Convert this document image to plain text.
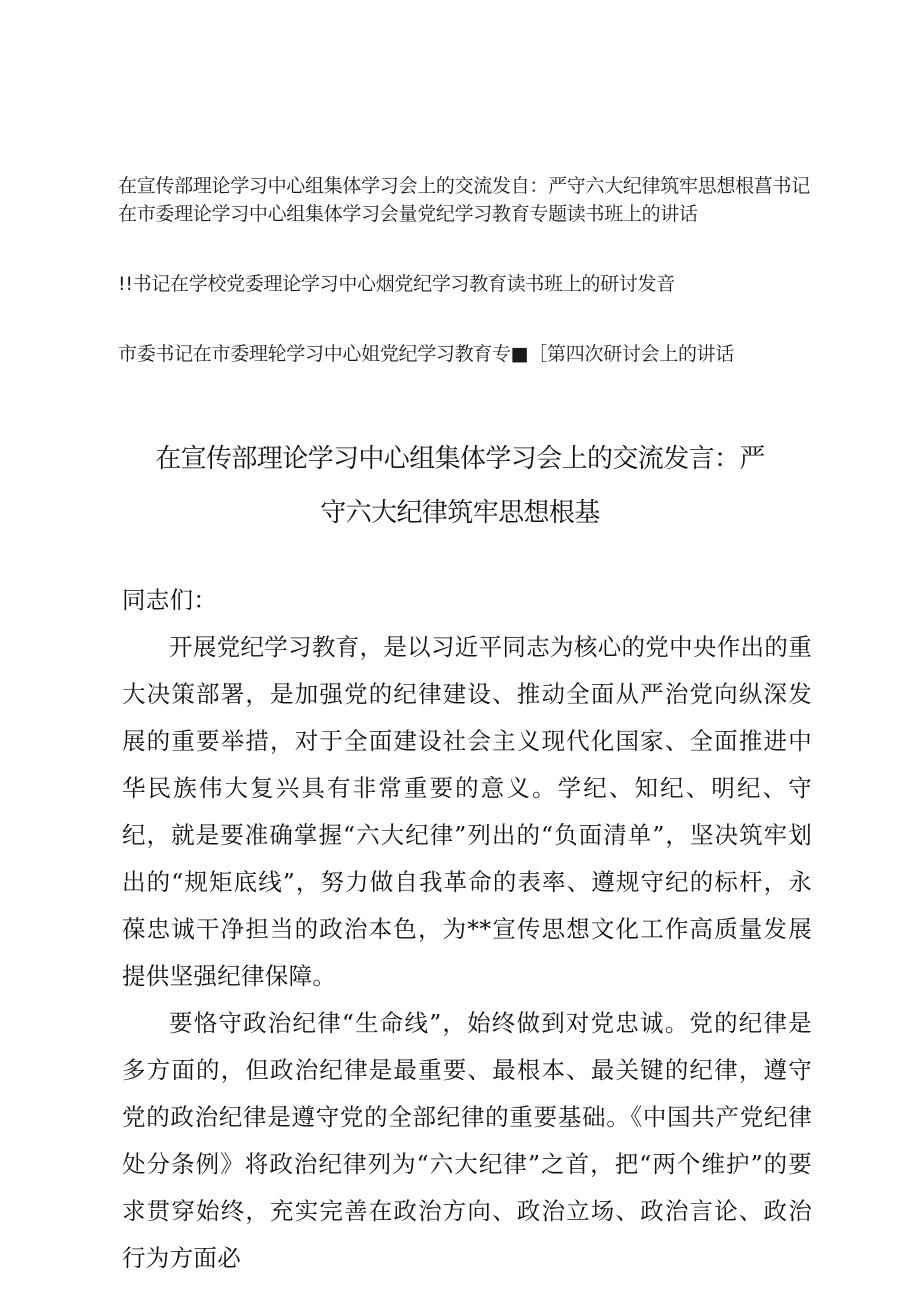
在宣传部理论学习中心组集体学习会上的交流发自：严守六大纪律筑牢思想根菖书记
在市委理论学习中心组集体学习会量党纪学习教育专题读书班上的讲话
!!书记在学校党委理论学习中心烟党纪学习教育读书班上的研讨发音
市委书记在市委理轮学习中心姐党纪学习教育专■［第四次研讨会上的讲话
在宣传部理论学习中心组集体学习会上的交流发言：严
守六大纪律筑牢思想根基

同志们：

开展党纪学习教育，是以习近平同志为核心的党中央作出的重大决策部署，是加强党的纪律建设、推动全面从严治党向纵深发展的重要举措，对于全面建设社会主义现代化国家、全面推进中华民族伟大复兴具有非常重要的意义。学纪、知纪、明纪、守纪，就是要准确掌握“六大纪律”列出的“负面清单”，坚决筑牢划出的“规矩底线”，努力做自我革命的表率、遵规守纪的标杆，永葆忠诚干净担当的政治本色，为**宣传思想文化工作高质量发展提供坚强纪律保障。

要恪守政治纪律“生命线”，始终做到对党忠诚。党的纪律是多方面的，但政治纪律是最重要、最根本、最关键的纪律，遵守党的政治纪律是遵守党的全部纪律的重要基础。《中国共产党纪律处分条例》将政治纪律列为“六大纪律”之首，把“两个维护”的要求贯穿始终，充实完善在政治方向、政治立场、政治言论、政治行为方面必
